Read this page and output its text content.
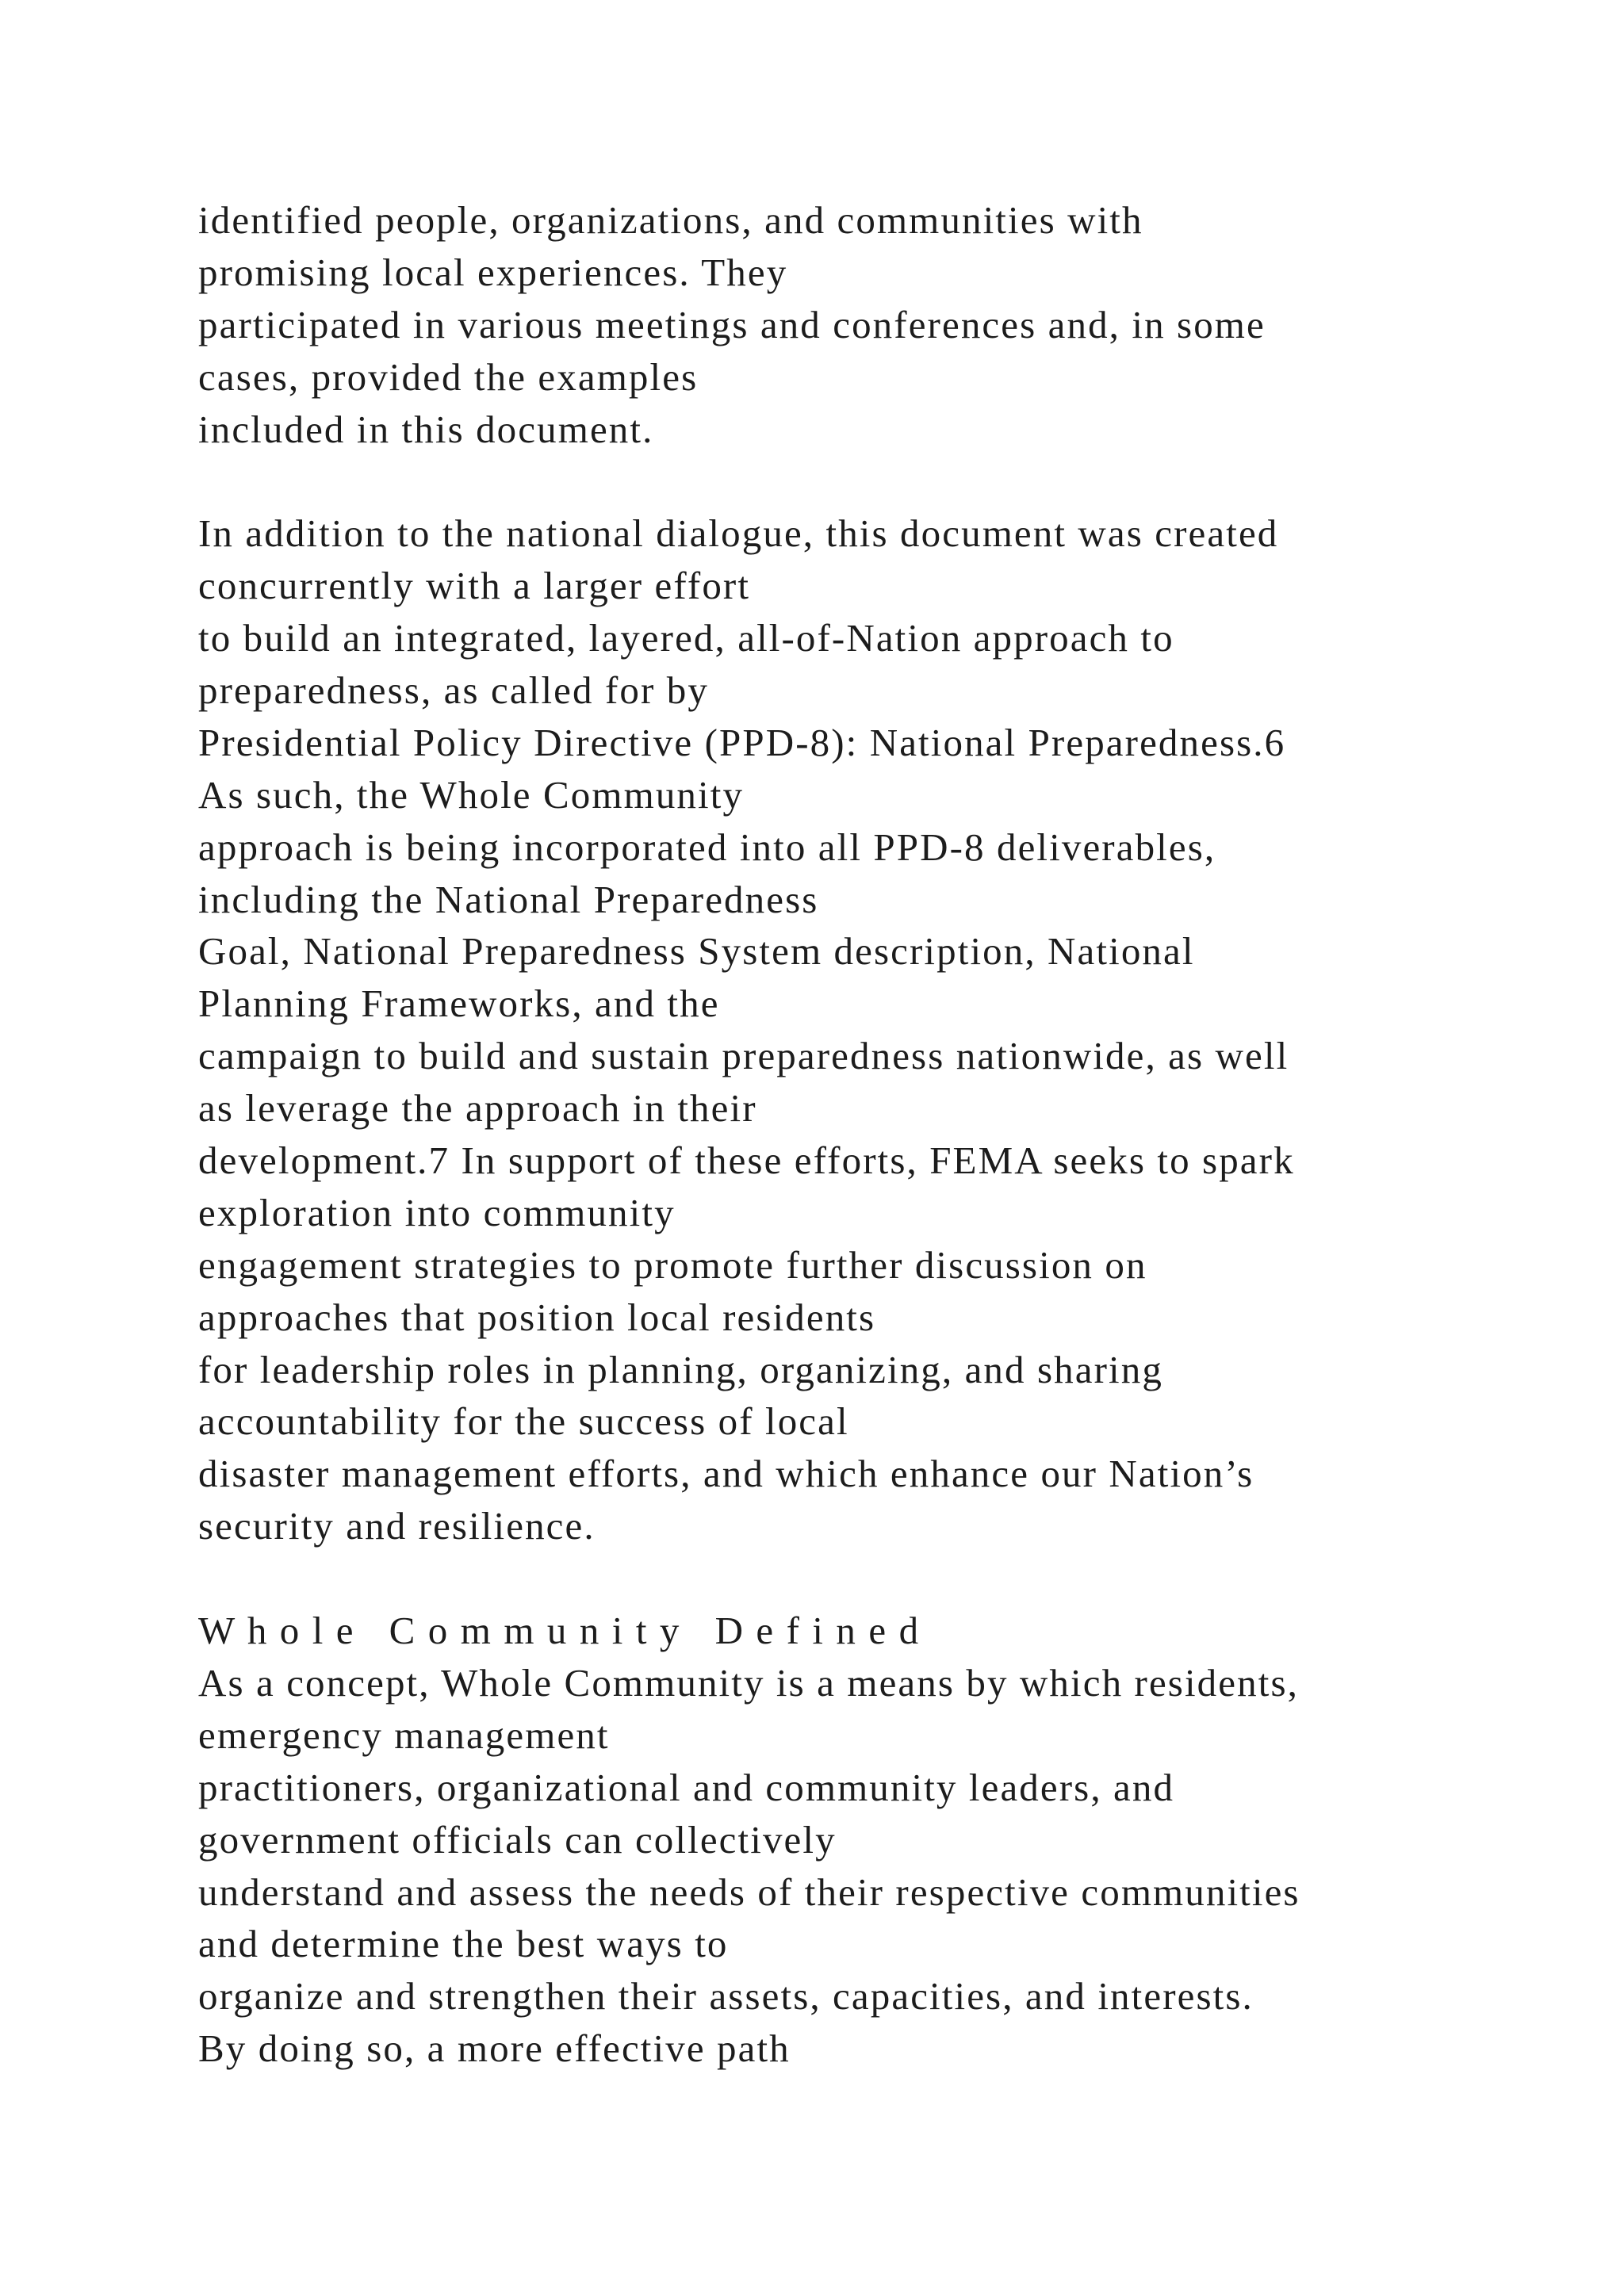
identified people, organizations, and communities with
promising local experiences. They
participated in various meetings and conferences and, in some
cases, provided the examples
included in this document.
In addition to the national dialogue, this document was created
concurrently with a larger effort
to build an integrated, layered, all-of-Nation approach to
preparedness, as called for by
Presidential Policy Directive (PPD-8): National Preparedness.6
As such, the Whole Community
approach is being incorporated into all PPD-8 deliverables,
including the National Preparedness
Goal, National Preparedness System description, National
Planning Frameworks, and the
campaign to build and sustain preparedness nationwide, as well
as leverage the approach in their
development.7 In support of these efforts, FEMA seeks to spark
exploration into community
engagement strategies to promote further discussion on
approaches that position local residents
for leadership roles in planning, organizing, and sharing
accountability for the success of local
disaster management efforts, and which enhance our Nation’s
security and resilience.
W h o l e   C o m m u n i t y   D e f i n e d
As a concept, Whole Community is a means by which residents,
emergency management
practitioners, organizational and community leaders, and
government officials can collectively
understand and assess the needs of their respective communities
and determine the best ways to
organize and strengthen their assets, capacities, and interests.
By doing so, a more effective path
